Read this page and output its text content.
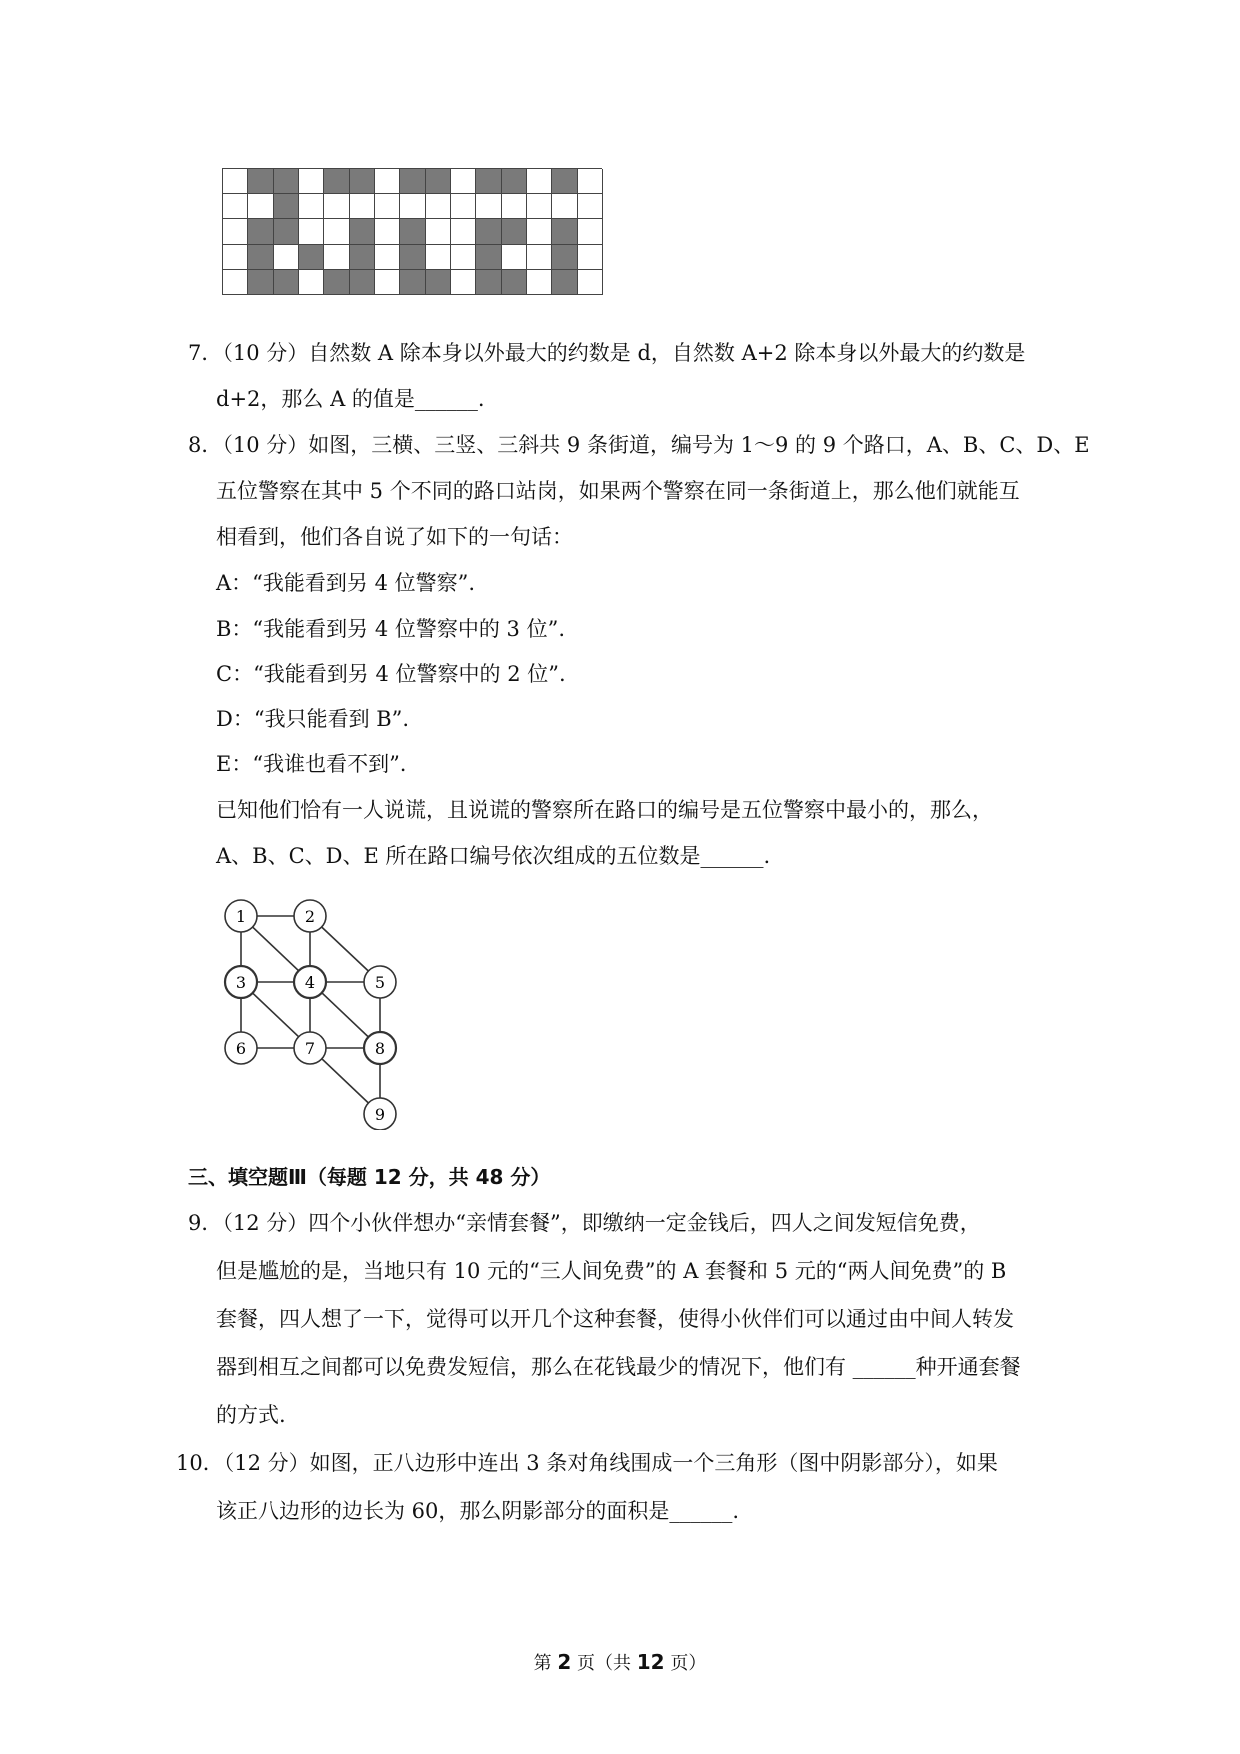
7．（10 分）自然数 A 除本身以外最大的约数是 d，自然数 A+2 除本身以外最大的约数是
d+2，那么 A 的值是______.
8．（10 分）如图，三横、三竖、三斜共 9 条街道，编号为 1～9 的 9 个路口，A、B、C、D、E
五位警察在其中 5 个不同的路口站岗，如果两个警察在同一条街道上，那么他们就能互
相看到，他们各自说了如下的一句话：
A：“我能看到另 4 位警察”.
B：“我能看到另 4 位警察中的 3 位”.
C：“我能看到另 4 位警察中的 2 位”.
D：“我只能看到 B”.
E：“我谁也看不到”.
已知他们恰有一人说谎，且说谎的警察所在路口的编号是五位警察中最小的，那么，
A、B、C、D、E 所在路口编号依次组成的五位数是______.
1	2
3	4	5
6	7	8
9
三、填空题Ⅲ（每题 12 分，共 48 分）
9．（12 分）四个小伙伴想办“亲情套餐”，即缴纳一定金钱后，四人之间发短信免费，
但是尴尬的是，当地只有 10 元的“三人间免费”的 A 套餐和 5 元的“两人间免费”的 B
套餐，四人想了一下，觉得可以开几个这种套餐，使得小伙伴们可以通过由中间人转发
器到相互之间都可以免费发短信，那么在花钱最少的情况下，他们有 ______种开通套餐
的方式.
10．（12 分）如图，正八边形中连出 3 条对角线围成一个三角形（图中阴影部分），如果
该正八边形的边长为 60，那么阴影部分的面积是______.
第 2 页（共 12 页）
